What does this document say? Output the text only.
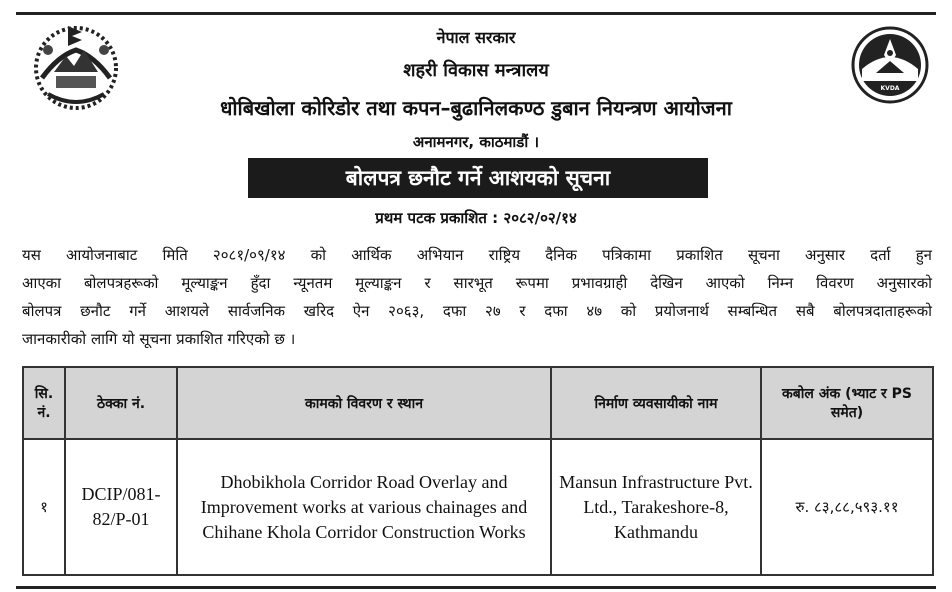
KVDA
नेपाल सरकार
शहरी विकास मन्त्रालय
धोबिखोला कोरिडोर तथा कपन–बुढानिलकण्ठ डुबान नियन्त्रण आयोजना
अनामनगर, काठमाडौं ।
बोलपत्र छनौट गर्ने आशयको सूचना
प्रथम पटक प्रकाशित : २०८२/०२/१४
यस आयोजनाबाट मिति २०८१/०९/१४ को आर्थिक अभियान राष्ट्रिय दैनिक पत्रिकामा प्रकाशित सूचना अनुसार दर्ता हुन
आएका बोलपत्रहरूको मूल्याङ्कन हुँदा न्यूनतम मूल्याङ्कन र सारभूत रूपमा प्रभावग्राही देखिन आएको निम्न विवरण अनुसारको
बोलपत्र छनौट गर्ने आशयले सार्वजनिक खरिद ऐन २०६३, दफा २७ र दफा ४७ को प्रयोजनार्थ सम्बन्धित सबै बोलपत्रदाताहरूको
जानकारीको लागि यो सूचना प्रकाशित गरिएको छ ।
सि. नं.	ठेक्का नं.	कामको विवरण र स्थान	निर्माण व्यवसायीको नाम	कबोल अंक (भ्याट र PS समेत)
१	DCIP/081-82/P-01	Dhobikhola Corridor Road Overlay and Improvement works at various chainages and Chihane Khola Corridor Construction Works	Mansun Infrastructure Pvt. Ltd., Tarakeshore-8, Kathmandu	रु. ८३,८८,५९३.११
